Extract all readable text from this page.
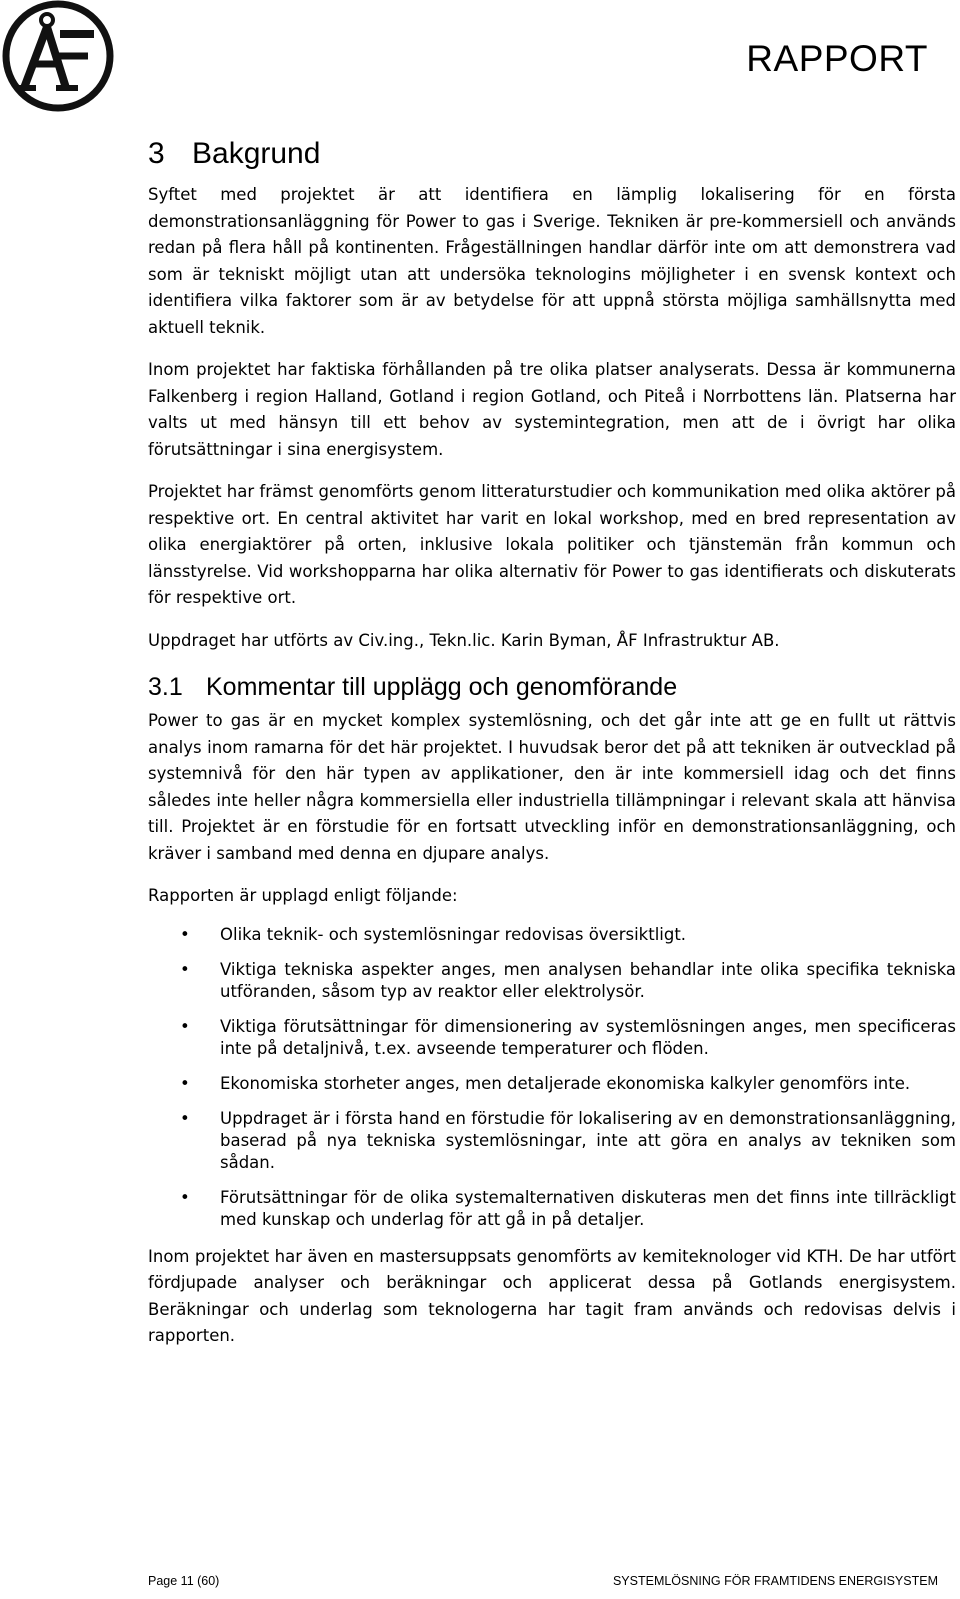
RAPPORT
3 Bakgrund

Syftet med projektet är att identifiera en lämplig lokalisering för en första demonstrationsanläggning för Power to gas i Sverige. Tekniken är pre-kommersiell och används redan på flera håll på kontinenten. Frågeställningen handlar därför inte om att demonstrera vad som är tekniskt möjligt utan att undersöka teknologins möjligheter i en svensk kontext och identifiera vilka faktorer som är av betydelse för att uppnå största möjliga samhällsnytta med aktuell teknik.

Inom projektet har faktiska förhållanden på tre olika platser analyserats. Dessa är kommunerna Falkenberg i region Halland, Gotland i region Gotland, och Piteå i Norrbottens län. Platserna har valts ut med hänsyn till ett behov av systemintegration, men att de i övrigt har olika förutsättningar i sina energisystem.

Projektet har främst genomförts genom litteraturstudier och kommunikation med olika aktörer på respektive ort. En central aktivitet har varit en lokal workshop, med en bred representation av olika energiaktörer på orten, inklusive lokala politiker och tjänstemän från kommun och länsstyrelse. Vid workshopparna har olika alternativ för Power to gas identifierats och diskuterats för respektive ort.

Uppdraget har utförts av Civ.ing., Tekn.lic. Karin Byman, ÅF Infrastruktur AB.

3.1 Kommentar till upplägg och genomförande

Power to gas är en mycket komplex systemlösning, och det går inte att ge en fullt ut rättvis analys inom ramarna för det här projektet. I huvudsak beror det på att tekniken är outvecklad på systemnivå för den här typen av applikationer, den är inte kommersiell idag och det finns således inte heller några kommersiella eller industriella tillämpningar i relevant skala att hänvisa till. Projektet är en förstudie för en fortsatt utveckling inför en demonstrationsanläggning, och kräver i samband med denna en djupare analys.

Rapporten är upplagd enligt följande:

• Olika teknik- och systemlösningar redovisas översiktligt.
• Viktiga tekniska aspekter anges, men analysen behandlar inte olika specifika tekniska utföranden, såsom typ av reaktor eller elektrolysör.
• Viktiga förutsättningar för dimensionering av systemlösningen anges, men specificeras inte på detaljnivå, t.ex. avseende temperaturer och flöden.
• Ekonomiska storheter anges, men detaljerade ekonomiska kalkyler genomförs inte.
• Uppdraget är i första hand en förstudie för lokalisering av en demonstrationsanläggning, baserad på nya tekniska systemlösningar, inte att göra en analys av tekniken som sådan.
• Förutsättningar för de olika systemalternativen diskuteras men det finns inte tillräckligt med kunskap och underlag för att gå in på detaljer.

Inom projektet har även en mastersuppsats genomförts av kemiteknologer vid KTH. De har utfört fördjupade analyser och beräkningar och applicerat dessa på Gotlands energisystem. Beräkningar och underlag som teknologerna har tagit fram används och redovisas delvis i rapporten.

Page 11 (60)	SYSTEMLÖSNING FÖR FRAMTIDENS ENERGISYSTEM
